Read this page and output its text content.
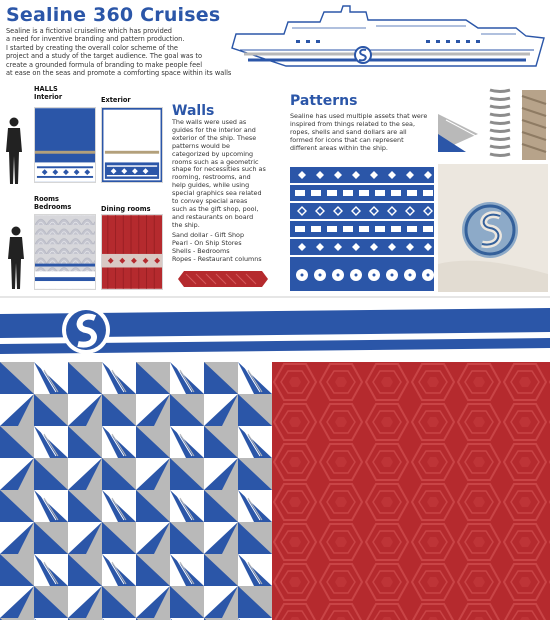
Sealine 360 Cruises
Sealine is a fictional cruiseline which has provided
a need for inventive branding and pattern production.
I started by creating the overall color scheme of the
project and a study of the target audience. The goal was to
create a grounded formula of branding to make people feel
at ease on the seas and promote a comforting space within its walls
HALLS
Interior	Exterior
Rooms
Bedrooms	Dining rooms
Walls
The walls were used as
guides for the interior and
exterior of the ship. These
patterns would be
categorized by upcoming
rooms such as a geometric
shape for necessities such as
rooming, restrooms, and
help guides, while using
special graphics sea related
to convey special areas
such as the gift shop, pool,
and restaurants on board
the ship.
Sand dollar - Gift Shop
Pearl - On Ship Stores
Shells - Bedrooms
Ropes - Restaurant columns
Patterns
Sealine has used multiple assets that were
inspired from things related to the sea,
ropes, shells and sand dollars are all
formed for icons that can represent
different areas within the ship.
